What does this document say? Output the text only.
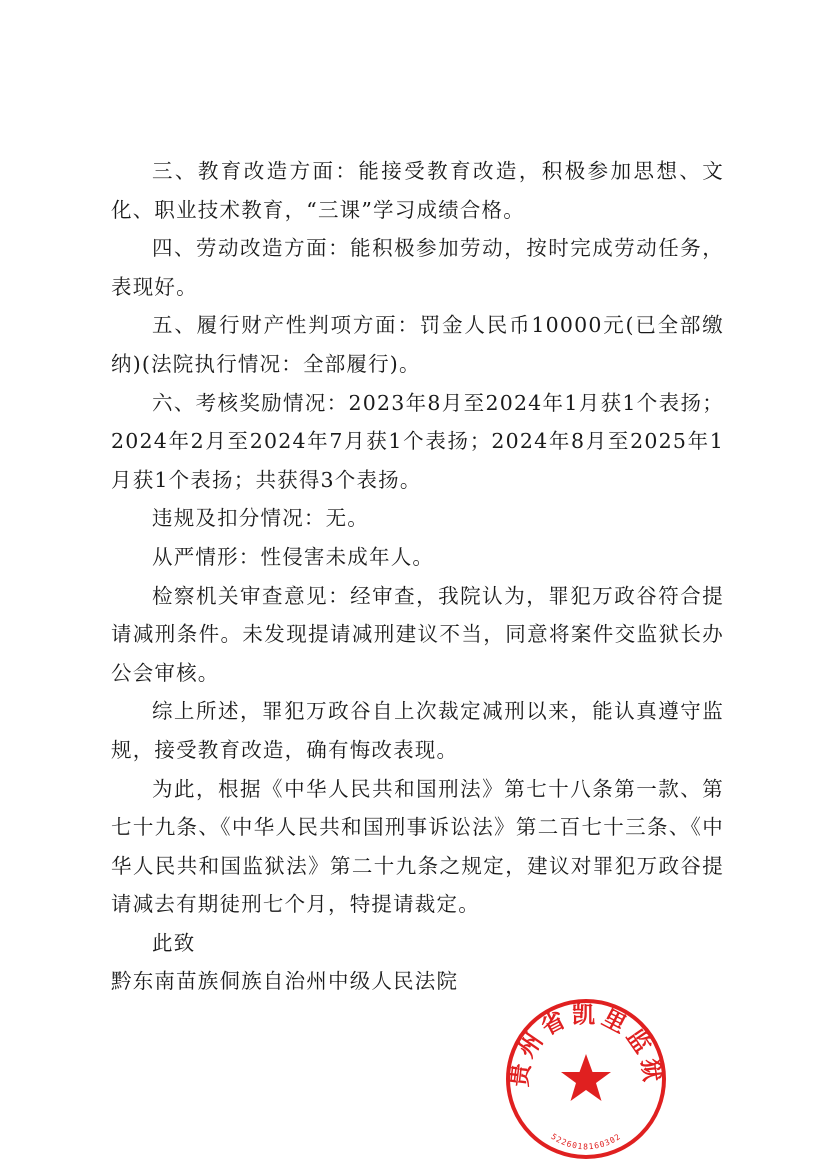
三、教育改造方面：能接受教育改造，积极参加思想、文化、职业技术教育，“三课”学习成绩合格。

四、劳动改造方面：能积极参加劳动，按时完成劳动任务，表现好。

五、履行财产性判项方面：罚金人民币10000元(已全部缴纳)(法院执行情况：全部履行)。

六、考核奖励情况：2023年8月至2024年1月获1个表扬；2024年2月至2024年7月获1个表扬；2024年8月至2025年1月获1个表扬；共获得3个表扬。

违规及扣分情况：无。

从严情形：性侵害未成年人。

检察机关审查意见：经审查，我院认为，罪犯万政谷符合提请减刑条件。未发现提请减刑建议不当，同意将案件交监狱长办公会审核。

综上所述，罪犯万政谷自上次裁定减刑以来，能认真遵守监规，接受教育改造，确有悔改表现。

为此，根据《中华人民共和国刑法》第七十八条第一款、第七十九条、《中华人民共和国刑事诉讼法》第二百七十三条、《中华人民共和国监狱法》第二十九条之规定，建议对罪犯万政谷提请减去有期徒刑七个月，特提请裁定。

此致

黔东南苗族侗族自治州中级人民法院

贵州省凯里监狱
5226018160302
